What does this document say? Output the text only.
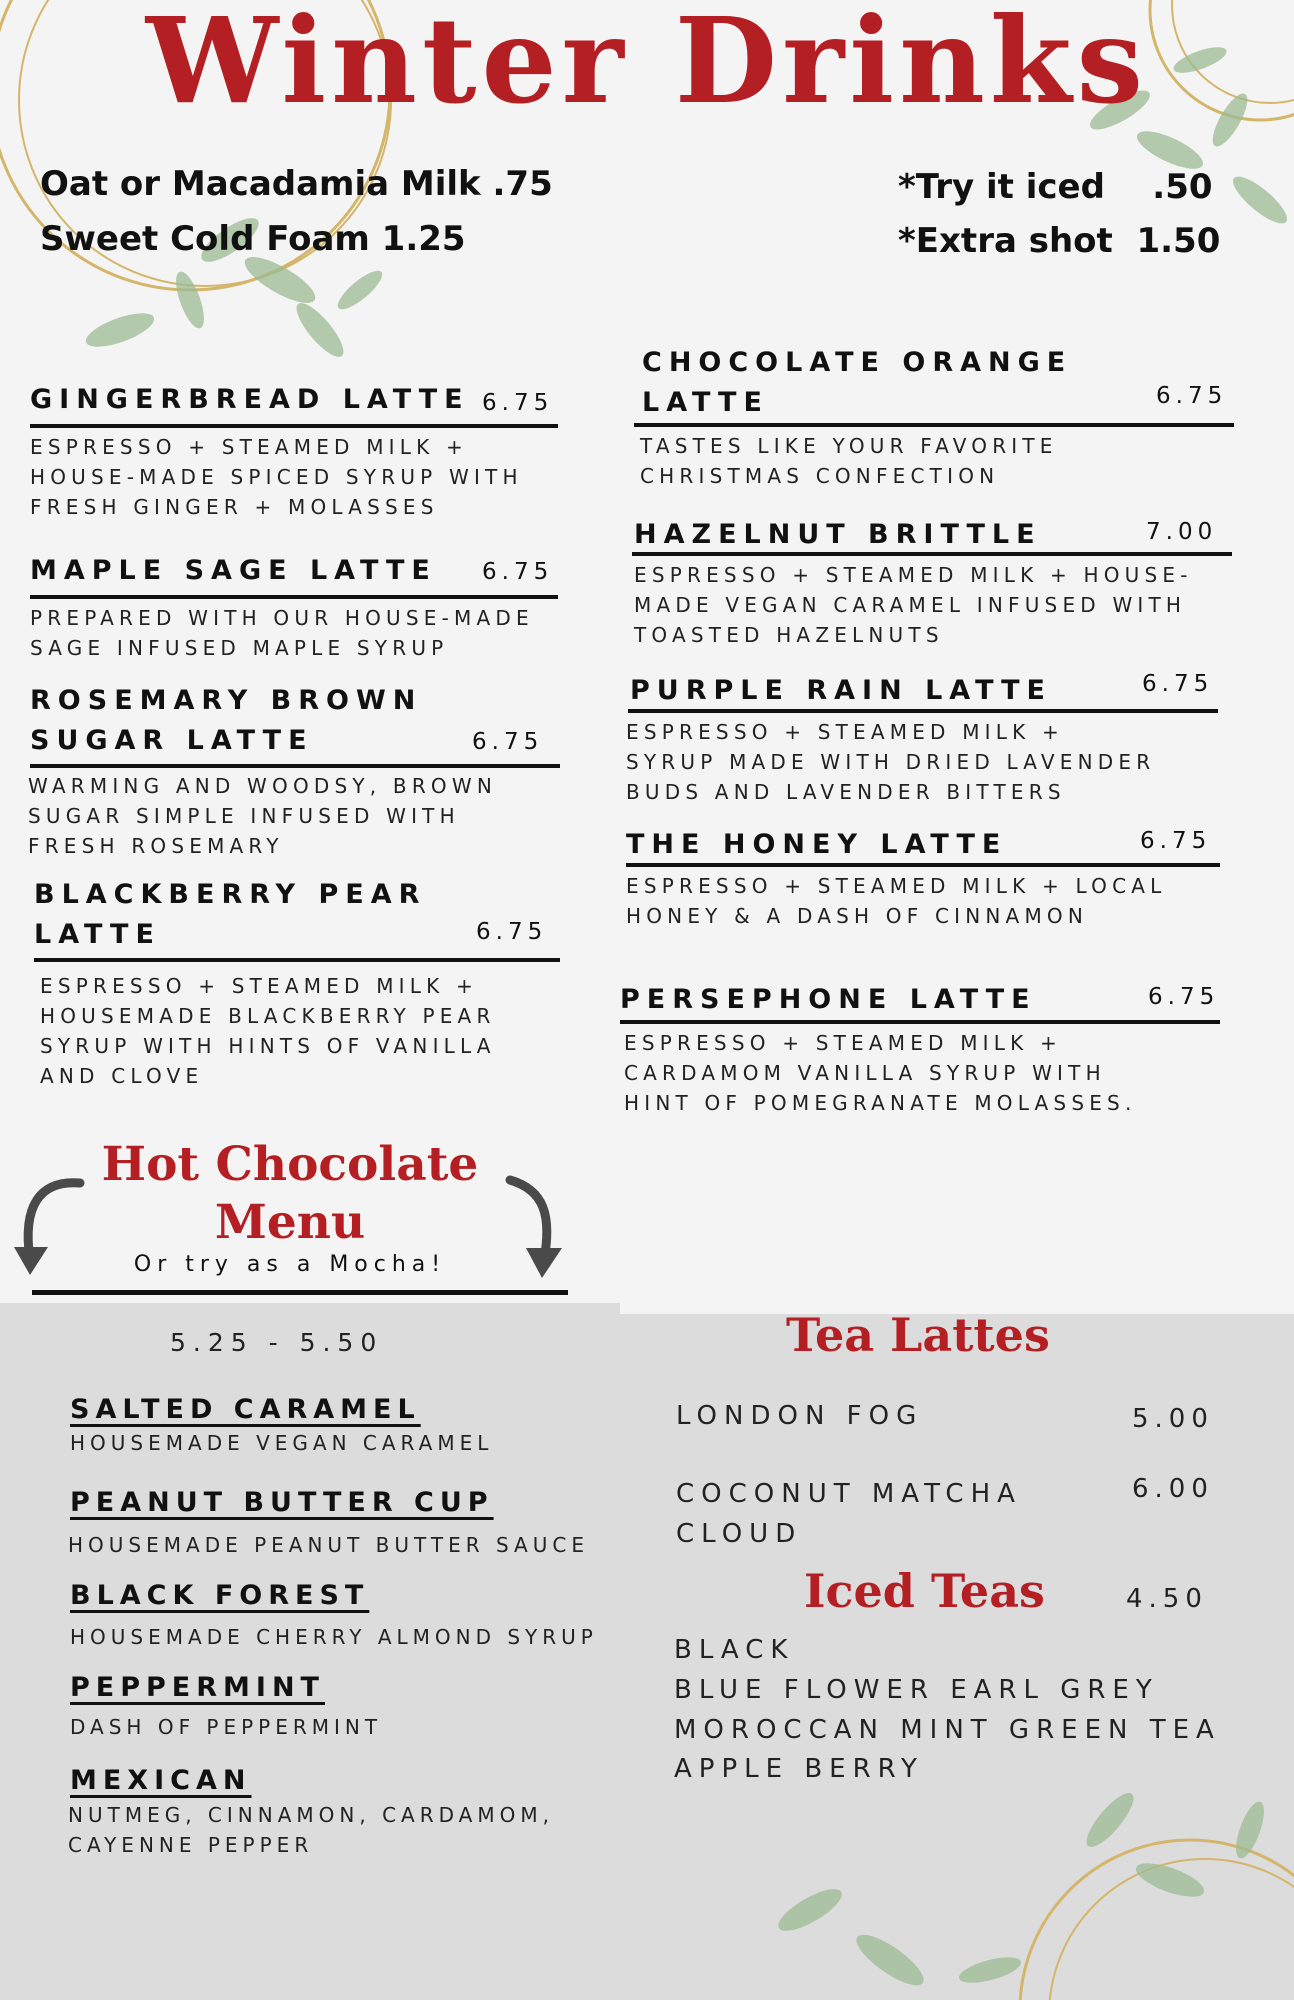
Winter Drinks
Oat or Macadamia Milk .75
Sweet Cold Foam 1.25
*Try it iced    .50
*Extra shot  1.50
GINGERBREAD LATTE 6.75
ESPRESSO + STEAMED MILK + HOUSE-MADE SPICED SYRUP WITH FRESH GINGER + MOLASSES
MAPLE SAGE LATTE 6.75
PREPARED WITH OUR HOUSE-MADE SAGE INFUSED MAPLE SYRUP
ROSEMARY BROWN SUGAR LATTE	6.75
WARMING AND WOODSY, BROWN SUGAR SIMPLE INFUSED WITH FRESH ROSEMARY
BLACKBERRY PEAR LATTE	6.75
ESPRESSO + STEAMED MILK + HOUSEMADE BLACKBERRY PEAR SYRUP WITH HINTS OF VANILLA AND CLOVE
CHOCOLATE ORANGE LATTE	6.75
TASTES LIKE YOUR FAVORITE CHRISTMAS CONFECTION
HAZELNUT BRITTLE	7.00
ESPRESSO + STEAMED MILK + HOUSE-MADE VEGAN CARAMEL INFUSED WITH TOASTED HAZELNUTS
PURPLE RAIN LATTE	6.75
ESPRESSO + STEAMED MILK + SYRUP MADE WITH DRIED LAVENDER BUDS AND LAVENDER BITTERS
THE HONEY LATTE	6.75
ESPRESSO + STEAMED MILK + LOCAL HONEY & A DASH OF CINNAMON
PERSEPHONE LATTE	6.75
ESPRESSO + STEAMED MILK + CARDAMOM VANILLA SYRUP WITH HINT OF POMEGRANATE MOLASSES.
Hot Chocolate
Menu
Or try as a Mocha!
5.25 - 5.50
SALTED CARAMEL
HOUSEMADE VEGAN CARAMEL
PEANUT BUTTER CUP
HOUSEMADE PEANUT BUTTER SAUCE
BLACK FOREST
HOUSEMADE CHERRY ALMOND SYRUP
PEPPERMINT
DASH OF PEPPERMINT
MEXICAN
NUTMEG, CINNAMON, CARDAMOM, CAYENNE PEPPER
Tea Lattes
LONDON FOG	5.00
COCONUT MATCHA CLOUD
6.00
Iced Teas	4.50
BLACK
BLUE FLOWER EARL GREY
MOROCCAN MINT GREEN TEA
APPLE BERRY
